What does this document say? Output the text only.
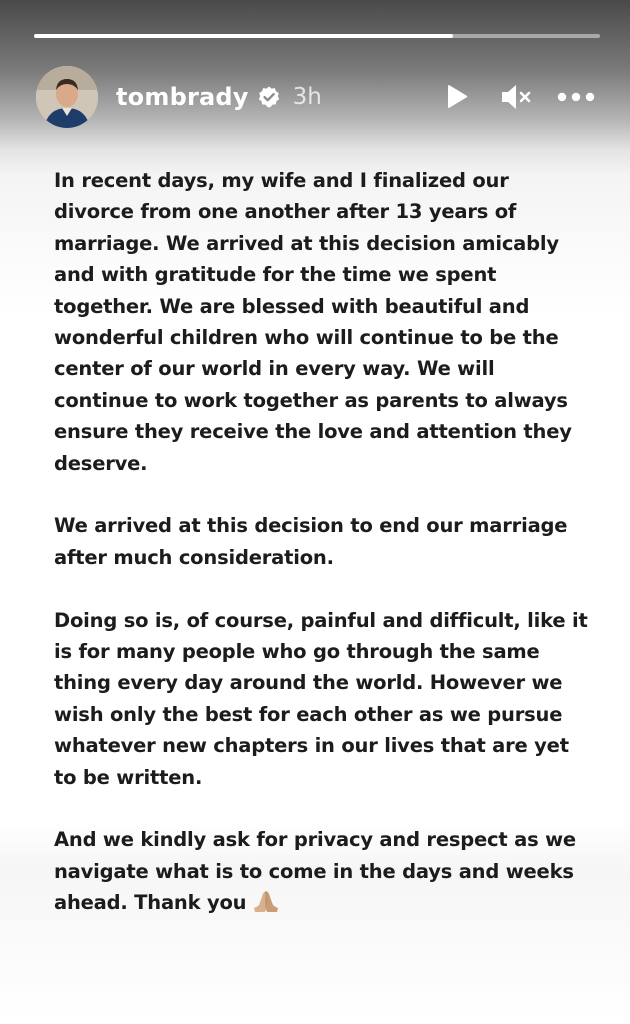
tombrady 3h

In recent days, my wife and I finalized our divorce from one another after 13 years of marriage. We arrived at this decision amicably and with gratitude for the time we spent together. We are blessed with beautiful and wonderful children who will continue to be the center of our world in every way. We will continue to work together as parents to always ensure they receive the love and attention they deserve.

We arrived at this decision to end our marriage after much consideration.

Doing so is, of course, painful and difficult, like it is for many people who go through the same thing every day around the world. However we wish only the best for each other as we pursue whatever new chapters in our lives that are yet to be written.

And we kindly ask for privacy and respect as we navigate what is to come in the days and weeks ahead. Thank you
